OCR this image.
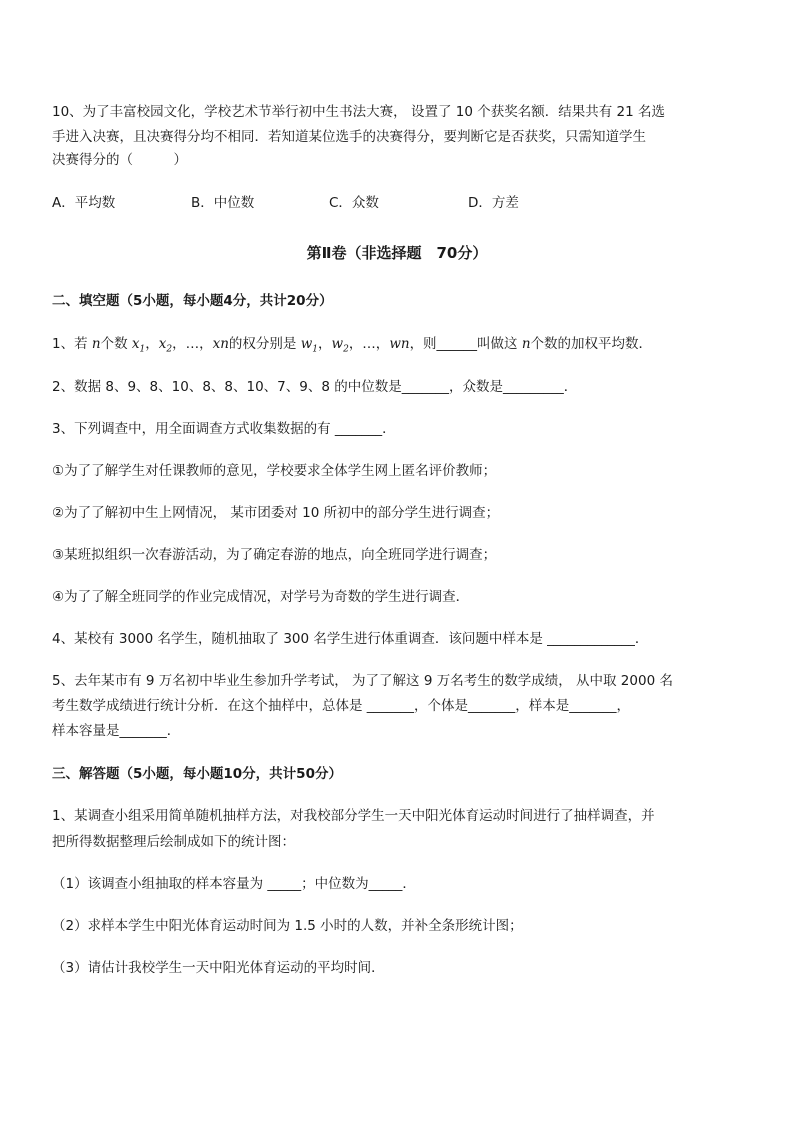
10、为了丰富校园文化，学校艺术节举行初中生书法大赛， 设置了 10 个获奖名额．结果共有 21 名选
手进入决赛，且决赛得分均不相同．若知道某位选手的决赛得分，要判断它是否获奖，只需知道学生
决赛得分的（　　　）
A．平均数	B．中位数	C．众数	D．方差
第Ⅱ卷（非选择题　70分）
二、填空题（5小题，每小题4分，共计20分）
1、若 n个数 $x_1$，$x_2$，…，xn的权分别是 $w_1$，$w_2$，…，wn，则______叫做这 n个数的加权平均数．
2、数据 8、9、8、10、8、8、10、7、9、8 的中位数是_______，众数是_________．
3、下列调查中，用全面调查方式收集数据的有 _______．
①为了了解学生对任课教师的意见，学校要求全体学生网上匿名评价教师；
②为了了解初中生上网情况， 某市团委对 10 所初中的部分学生进行调查；
③某班拟组织一次春游活动，为了确定春游的地点，向全班同学进行调查；
④为了了解全班同学的作业完成情况，对学号为奇数的学生进行调查．
4、某校有 3000 名学生，随机抽取了 300 名学生进行体重调查．该问题中样本是 _____________．
5、去年某市有 9 万名初中毕业生参加升学考试， 为了了解这 9 万名考生的数学成绩， 从中取 2000 名
考生数学成绩进行统计分析．在这个抽样中，总体是 _______，个体是_______，样本是_______，
样本容量是_______．
三、解答题（5小题，每小题10分，共计50分）
1、某调查小组采用简单随机抽样方法，对我校部分学生一天中阳光体育运动时间进行了抽样调查，并
把所得数据整理后绘制成如下的统计图：
（1）该调查小组抽取的样本容量为 _____；中位数为_____．
（2）求样本学生中阳光体育运动时间为 1.5 小时的人数，并补全条形统计图；
（3）请估计我校学生一天中阳光体育运动的平均时间．
